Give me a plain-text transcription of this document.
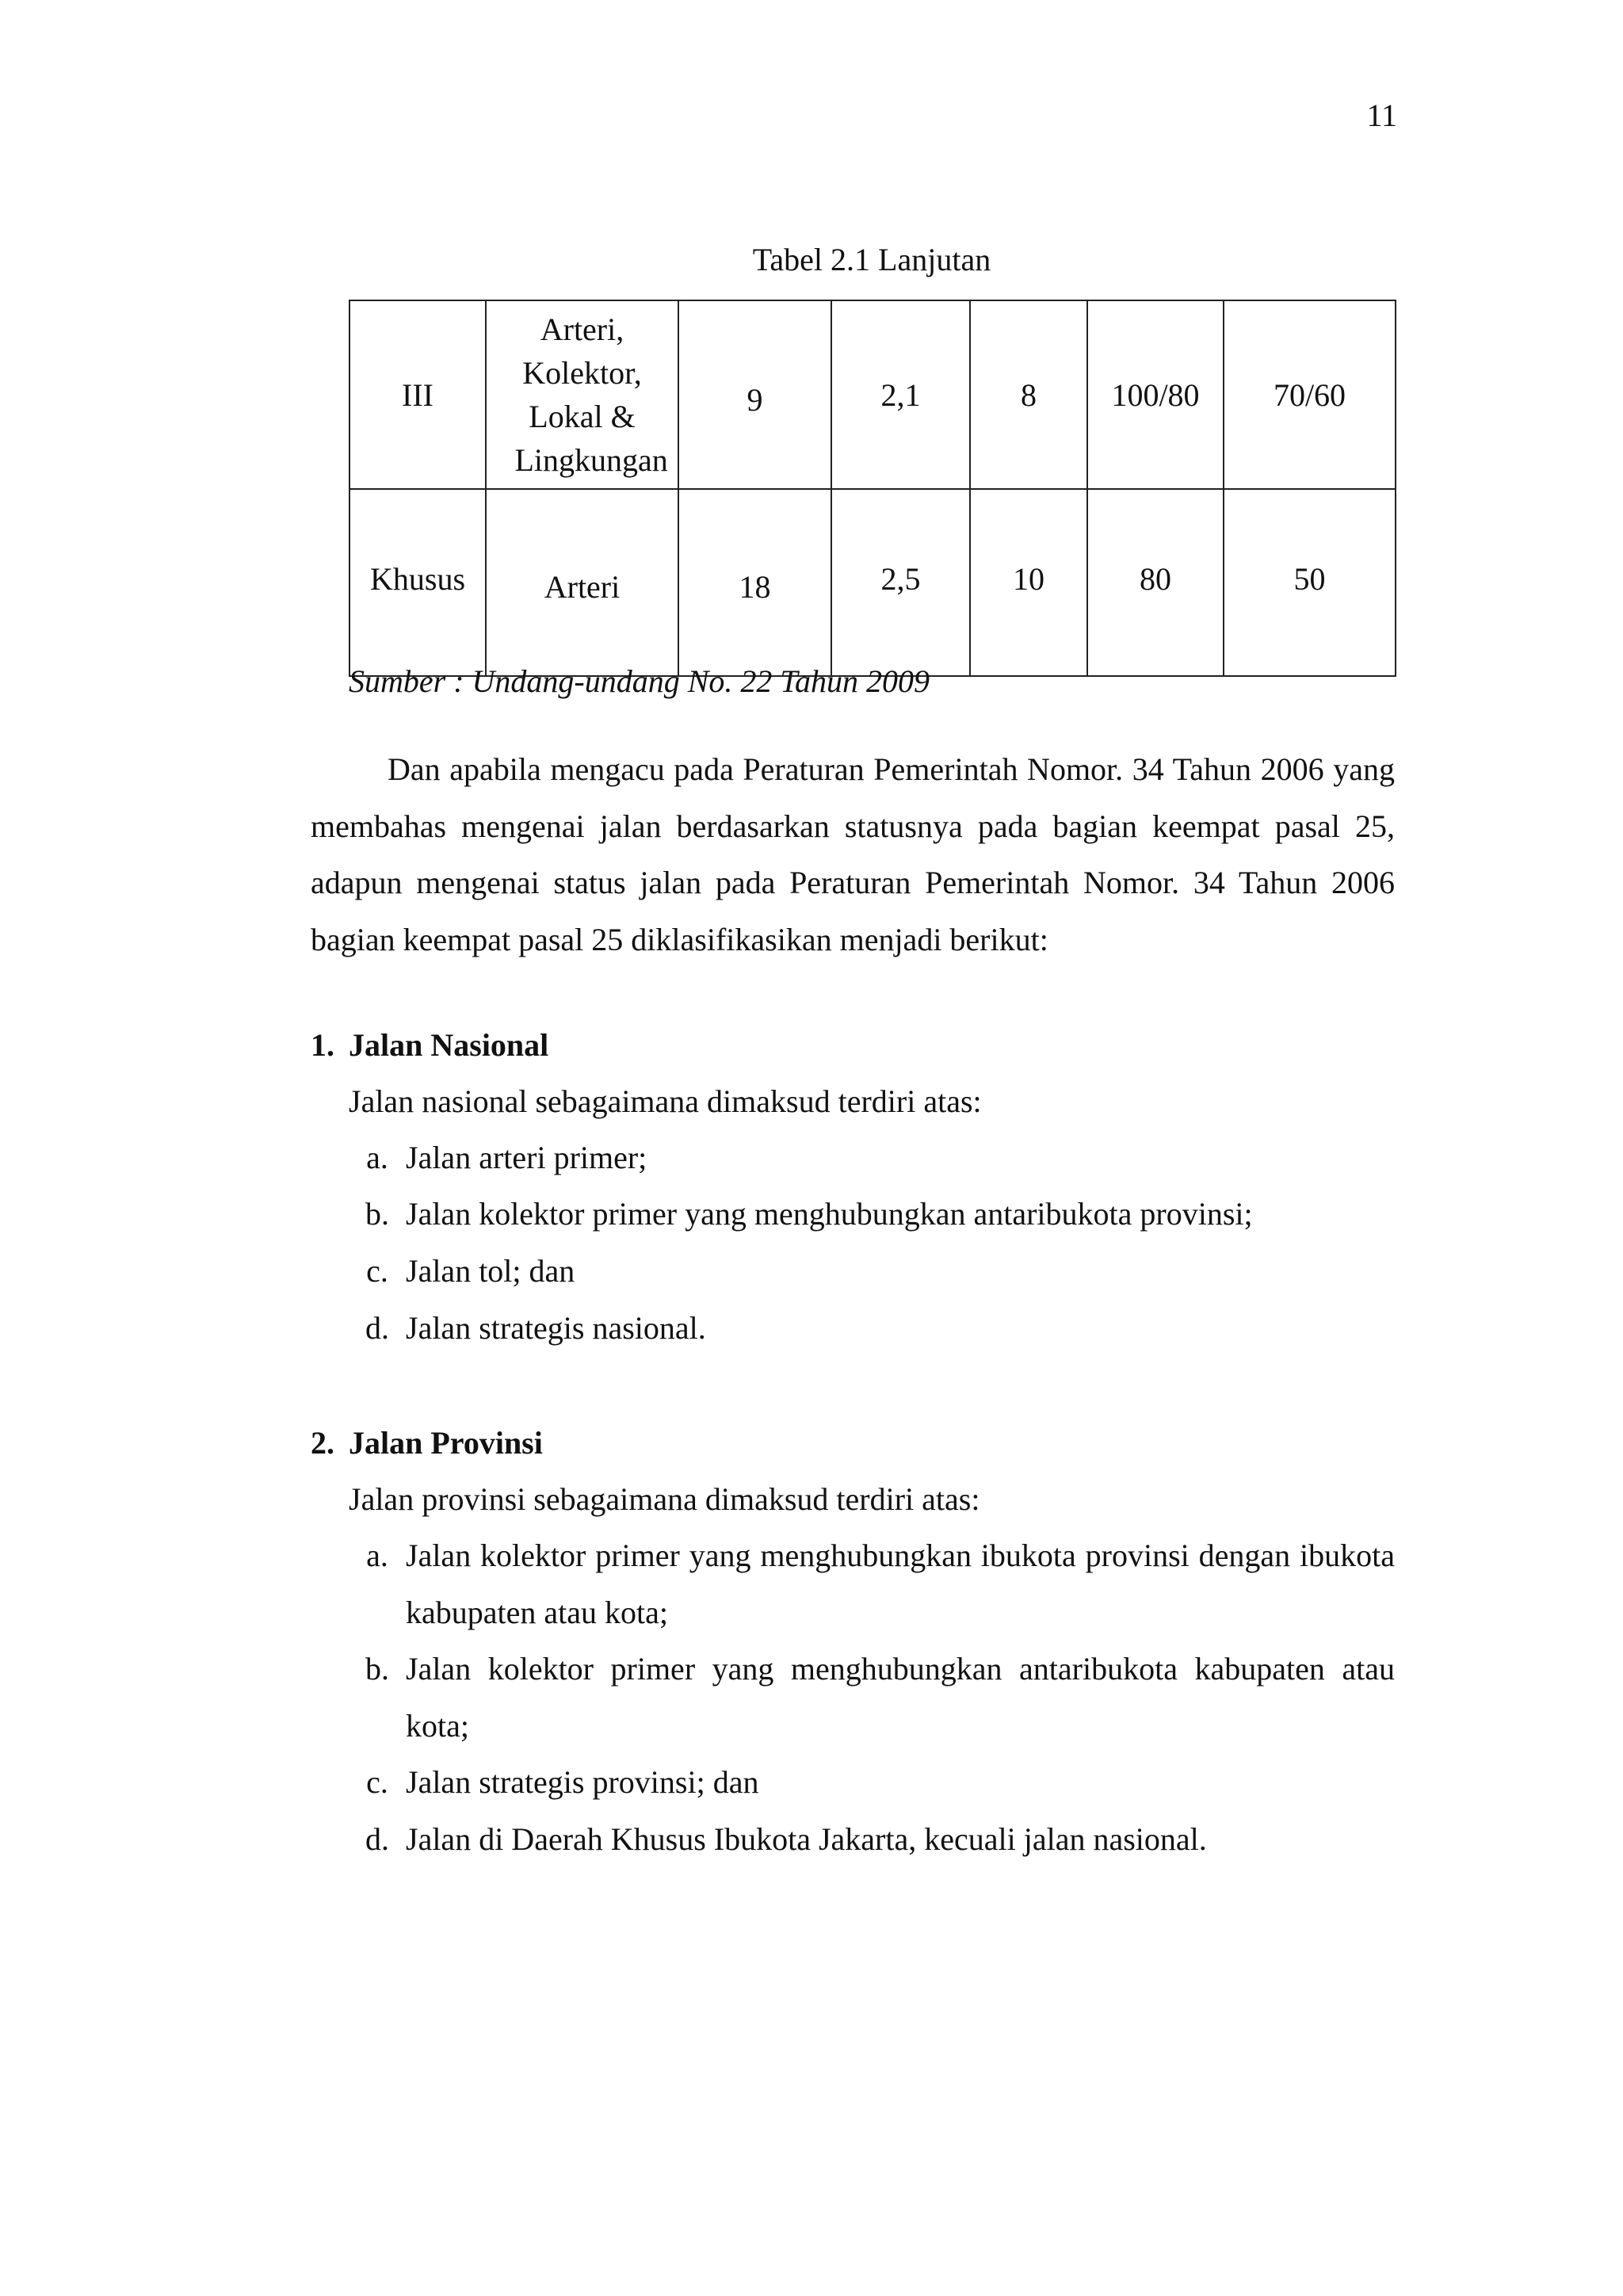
11
Tabel 2.1 Lanjutan
III	Arteri, Kolektor, Lokal & Lingkungan	9	2,1	8	100/80	70/60
Khusus	Arteri	18	2,5	10	80	50
Sumber : Undang-undang No. 22 Tahun 2009

Dan apabila mengacu pada Peraturan Pemerintah Nomor. 34 Tahun 2006 yang membahas mengenai jalan berdasarkan statusnya pada bagian keempat pasal 25, adapun mengenai status jalan pada Peraturan Pemerintah Nomor. 34 Tahun 2006 bagian keempat pasal 25 diklasifikasikan menjadi berikut:

1. Jalan Nasional
Jalan nasional sebagaimana dimaksud terdiri atas:
a. Jalan arteri primer;
b. Jalan kolektor primer yang menghubungkan antaribukota provinsi;
c. Jalan tol; dan
d. Jalan strategis nasional.
2. Jalan Provinsi
Jalan provinsi sebagaimana dimaksud terdiri atas:
a. Jalan kolektor primer yang menghubungkan ibukota provinsi dengan ibukota kabupaten atau kota;
b. Jalan kolektor primer yang menghubungkan antaribukota kabupaten atau kota;
c. Jalan strategis provinsi; dan
d. Jalan di Daerah Khusus Ibukota Jakarta, kecuali jalan nasional.
